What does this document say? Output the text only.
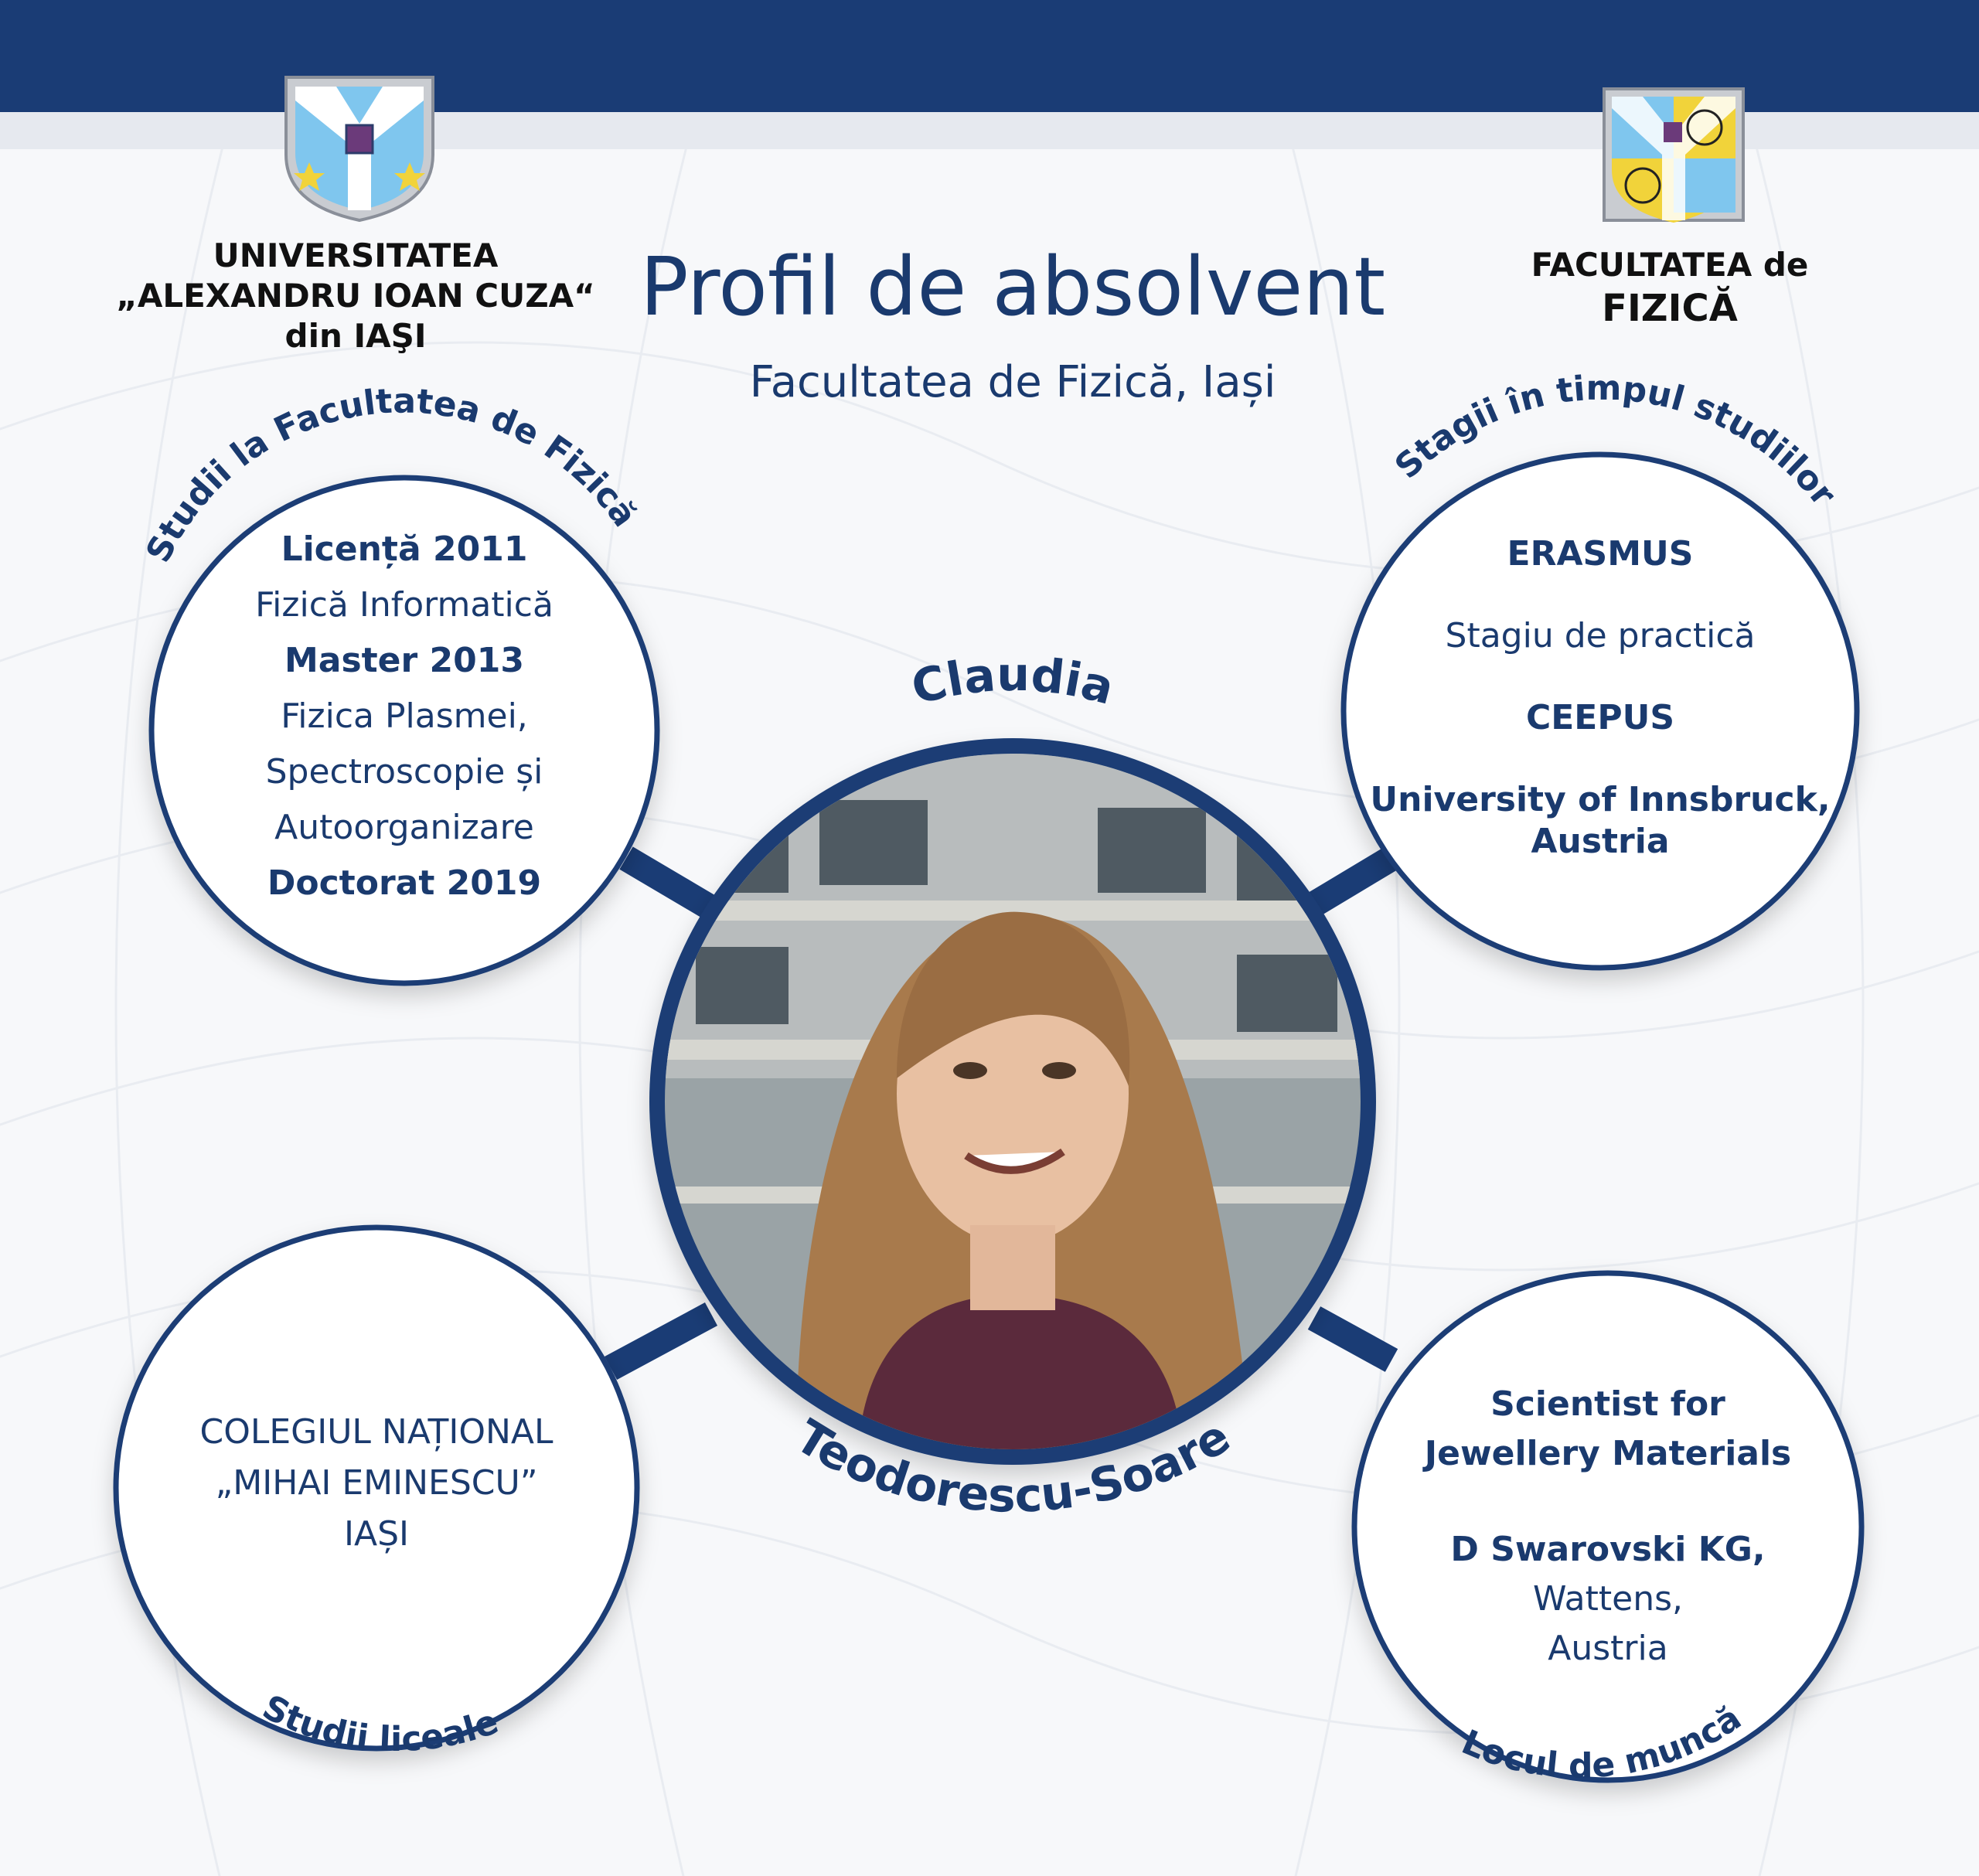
UNIVERSITATEA
„ALEXANDRU IOAN CUZA“
din IAŞI
FACULTATEA de
FIZICĂ
Profil de absolvent
Facultatea de Fizică, Iași
Studii la Facultatea de Fizică
Stagii în timpul studiilor
Claudia
Teodorescu-Soare
Studii liceale	Locul de muncă
Licență 2011
Fizică Informatică
Master 2013
Fizica Plasmei,
Spectroscopie și
Autoorganizare
Doctorat 2019
ERASMUS
Stagiu de practică
CEEPUS
University of Innsbruck,
Austria
COLEGIUL NAȚIONAL
„MIHAI EMINESCU”
IAȘI
Scientist for
Jewellery Materials
D Swarovski KG,
Wattens,
Austria
